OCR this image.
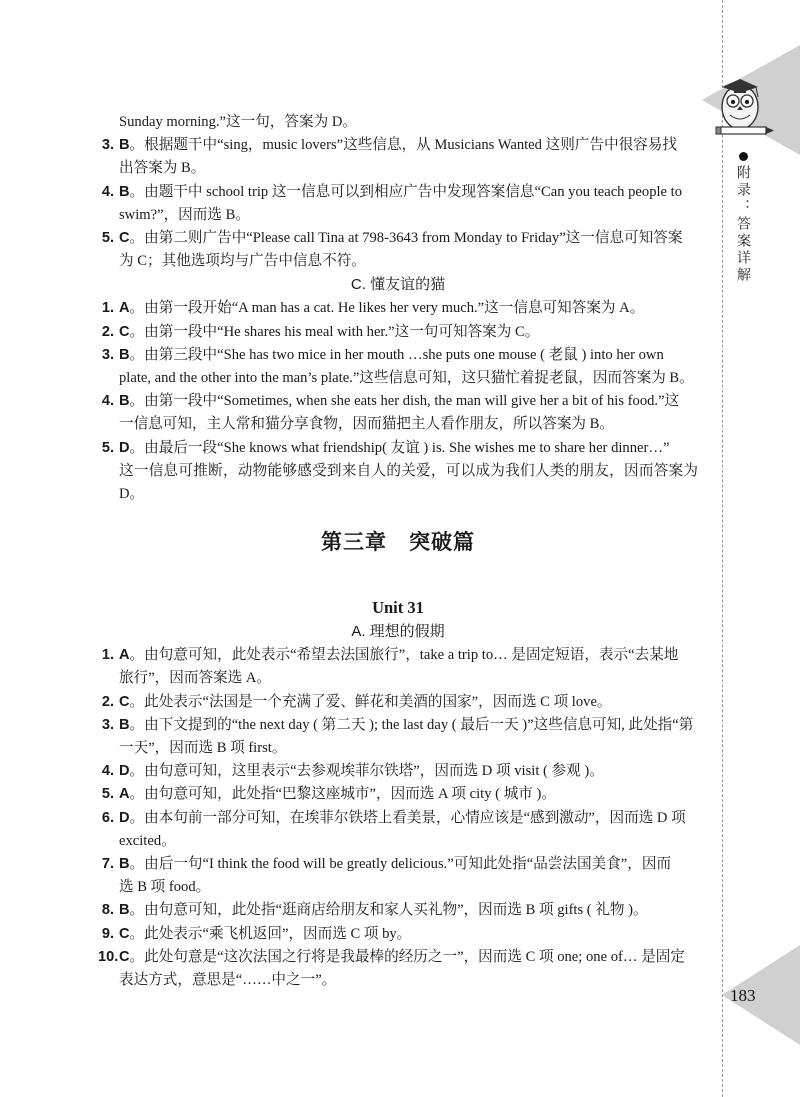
附录：答案详解
183
Sunday morning.”这一句，答案为 D。
3. B。根据题干中“sing，music lovers”这些信息，从 Musicians Wanted 这则广告中很容易找
出答案为 B。
4. B。由题干中 school trip 这一信息可以到相应广告中发现答案信息“Can you teach people to
swim?”，因而选 B。
5. C。由第二则广告中“Please call Tina at 798-3643 from Monday to Friday”这一信息可知答案
为 C；其他选项均与广告中信息不符。
C. 懂友谊的猫
1. A。由第一段开始“A man has a cat. He likes her very much.”这一信息可知答案为 A。
2. C。由第一段中“He shares his meal with her.”这一句可知答案为 C。
3. B。由第三段中“She has two mice in her mouth …she puts one mouse ( 老鼠 ) into her own
plate, and the other into the man’s plate.”这些信息可知，这只猫忙着捉老鼠，因而答案为 B。
4. B。由第一段中“Sometimes, when she eats her dish, the man will give her a bit of his food.”这
一信息可知，主人常和猫分享食物，因而猫把主人看作朋友，所以答案为 B。
5. D。由最后一段“She knows what friendship( 友谊 ) is. She wishes me to share her dinner…”
这一信息可推断，动物能够感受到来自人的关爱，可以成为我们人类的朋友，因而答案为 D。
第三章　突破篇
Unit 31
A. 理想的假期
1. A。由句意可知，此处表示“希望去法国旅行”，take a trip to… 是固定短语，表示“去某地
旅行”，因而答案选 A。
2. C。此处表示“法国是一个充满了爱、鲜花和美酒的国家”，因而选 C 项 love。
3. B。由下文提到的“the next day ( 第二天 ); the last day ( 最后一天 )”这些信息可知, 此处指“第
一天”，因而选 B 项 first。
4. D。由句意可知，这里表示“去参观埃菲尔铁塔”，因而选 D 项 visit ( 参观 )。
5. A。由句意可知，此处指“巴黎这座城市”，因而选 A 项 city ( 城市 )。
6. D。由本句前一部分可知，在埃菲尔铁塔上看美景，心情应该是“感到激动”，因而选 D 项
excited。
7. B。由后一句“I think the food will be greatly delicious.”可知此处指“品尝法国美食”，因而
选 B 项 food。
8. B。由句意可知，此处指“逛商店给朋友和家人买礼物”，因而选 B 项 gifts ( 礼物 )。
9. C。此处表示“乘飞机返回”，因而选 C 项 by。
10. C。此处句意是“这次法国之行将是我最棒的经历之一”，因而选 C 项 one; one of… 是固定
表达方式，意思是“……中之一”。
